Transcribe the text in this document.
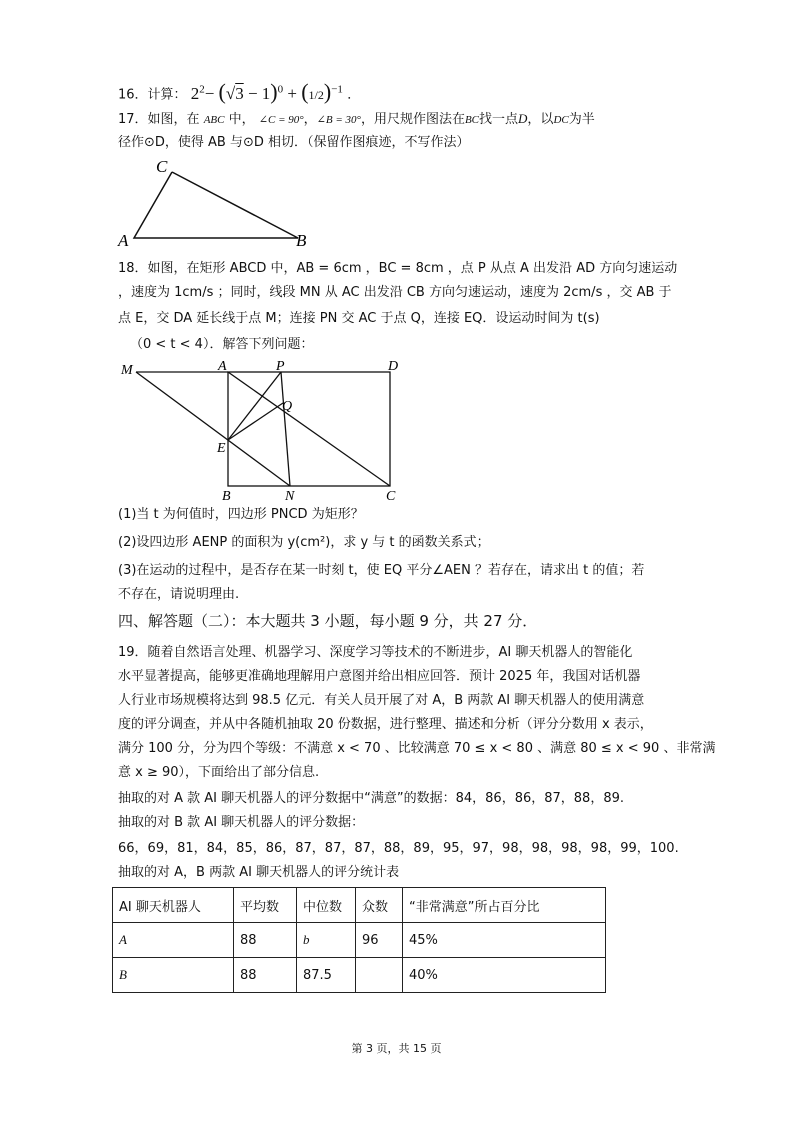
16．计算： $2^2- (√3 - 1)^0 + (1/2)^{-1}$ ．
17．如图，在 ABC 中， ∠C = 90°，∠B = 30°，用尺规作图法在BC找一点D，以DC为半
径作⊙D，使得 AB 与⊙D 相切．（保留作图痕迹，不写作法）
C
A	B
18．如图，在矩形 ABCD 中，AB = 6cm ，BC = 8cm ，点 P 从点 A 出发沿 AD 方向匀速运动
，速度为 1cm/s ；同时，线段 MN 从 AC 出发沿 CB 方向匀速运动，速度为 2cm/s ，交 AB 于
点 E，交 DA 延长线于点 M；连接 PN 交 AC 于点 Q，连接 EQ．设运动时间为 t(s)
（0 < t < 4）．解答下列问题：
M	A	P	D
Q
E
B	N	C
(1)当 t 为何值时，四边形 PNCD 为矩形？
(2)设四边形 AENP 的面积为 y(cm²)，求 y 与 t 的函数关系式；
(3)在运动的过程中，是否存在某一时刻 t，使 EQ 平分∠AEN ？若存在，请求出 t 的值；若
不存在，请说明理由.
四、解答题（二）：本大题共 3 小题，每小题 9 分，共 27 分．
19．随着自然语言处理、机器学习、深度学习等技术的不断进步，AI 聊天机器人的智能化
水平显著提高，能够更准确地理解用户意图并给出相应回答．预计 2025 年，我国对话机器
人行业市场规模将达到 98.5 亿元．有关人员开展了对 A，B 两款 AI 聊天机器人的使用满意
度的评分调查，并从中各随机抽取 20 份数据，进行整理、描述和分析（评分分数用 x 表示，
满分 100 分，分为四个等级：不满意 x < 70 、比较满意 70 ≤ x < 80 、满意 80 ≤ x < 90 、非常满
意 x ≥ 90），下面给出了部分信息.
抽取的对 A 款 AI 聊天机器人的评分数据中“满意”的数据：84，86，86，87，88，89.
抽取的对 B 款 AI 聊天机器人的评分数据：
66，69，81，84，85，86，87，87，87，88，89，95，97，98，98，98，98，99，100.
抽取的对 A，B 两款 AI 聊天机器人的评分统计表
AI 聊天机器人	平均数	中位数	众数	“非常满意”所占百分比
A	88	b	96	45%
B	88	87.5		40%
第 3 页，共 15 页
